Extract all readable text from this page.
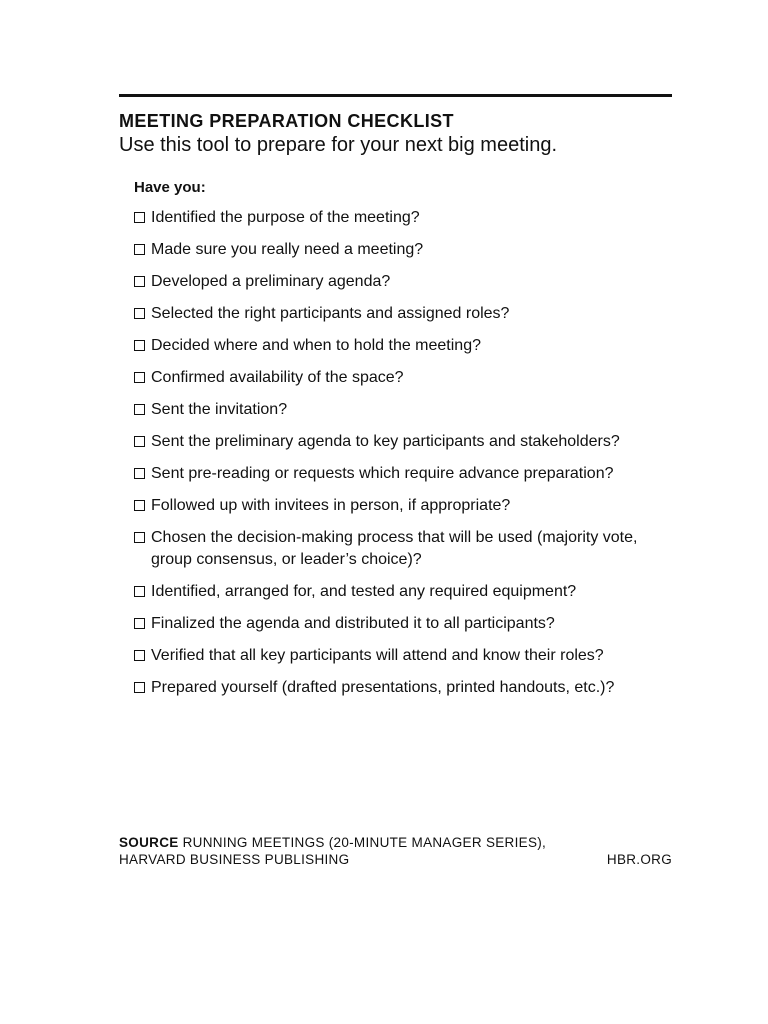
MEETING PREPARATION CHECKLIST
Use this tool to prepare for your next big meeting.
Have you:
Identified the purpose of the meeting?
Made sure you really need a meeting?
Developed a preliminary agenda?
Selected the right participants and assigned roles?
Decided where and when to hold the meeting?
Confirmed availability of the space?
Sent the invitation?
Sent the preliminary agenda to key participants and stakeholders?
Sent pre-reading or requests which require advance preparation?
Followed up with invitees in person, if appropriate?
Chosen the decision-making process that will be used (majority vote, group consensus, or leader’s choice)?
Identified, arranged for, and tested any required equipment?
Finalized the agenda and distributed it to all participants?
Verified that all key participants will attend and know their roles?
Prepared yourself (drafted presentations, printed handouts, etc.)?
SOURCE RUNNING MEETINGS (20-MINUTE MANAGER SERIES),
HARVARD BUSINESS PUBLISHING	HBR.ORG
